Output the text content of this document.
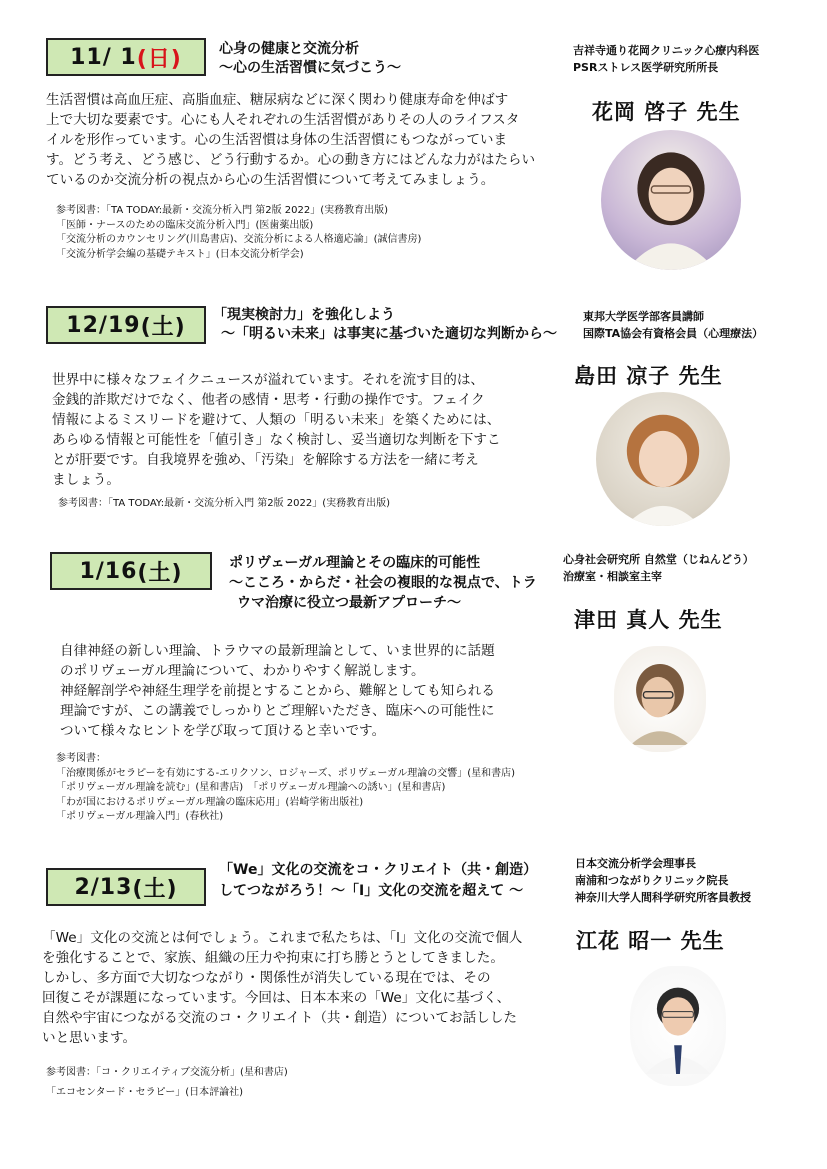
11/ 1 (日)	心身の健康と交流分析
～心の生活習慣に気づこう～
吉祥寺通り花岡クリニック心療内科医
PSRストレス医学研究所所長
花岡 啓子 先生
生活習慣は高血圧症、高脂血症、糖尿病などに深く関わり健康寿命を伸ばす
上で大切な要素です。心にも人それぞれの生活習慣がありその人のライフスタ
イルを形作っています。心の生活習慣は身体の生活習慣にもつながっていま
す。どう考え、どう感じ、どう行動するか。心の動き方にはどんな力がはたらい
ているのか交流分析の視点から心の生活習慣について考えてみましょう。
参考図書：「TA TODAY:最新・交流分析入門 第2版 2022」(実務教育出版)
「医師・ナースのための臨床交流分析入門」(医歯薬出版)
「交流分析のカウンセリング(川島書店)、交流分析による人格適応論」(誠信書房)
「交流分析学会編の基礎テキスト」(日本交流分析学会)
12/19 (土) 「現実検討力」を強化しよう
～「明るい未来」は事実に基づいた適切な判断から～
東邦大学医学部客員講師
国際TA協会有資格会員（心理療法）
島田 凉子 先生
世界中に様々なフェイクニュースが溢れています。それを流す目的は、
金銭的詐欺だけでなく、他者の感情・思考・行動の操作です。フェイク
情報によるミスリードを避けて、人類の「明るい未来」を築くためには、
あらゆる情報と可能性を「値引き」なく検討し、妥当適切な判断を下すこ
とが肝要です。自我境界を強め、「汚染」を解除する方法を一緒に考え
ましょう。
参考図書：「TA TODAY:最新・交流分析入門 第2版 2022」(実務教育出版)
1/16 (土)	ポリヴェーガル理論とその臨床的可能性
～こころ・からだ・社会の複眼的な視点で、トラ
ウマ治療に役立つ最新アプローチ～
心身社会研究所 自然堂（じねんどう）
治療室・相談室主宰
津田 真人 先生
自律神経の新しい理論、トラウマの最新理論として、いま世界的に話題
のポリヴェーガル理論について、わかりやすく解説します。
神経解剖学や神経生理学を前提とすることから、難解としても知られる
理論ですが、この講義でしっかりとご理解いただき、臨床への可能性に
ついて様々なヒントを学び取って頂けると幸いです。
参考図書：
「治療関係がセラピーを有効にする‐エリクソン、ロジャーズ、ポリヴェーガル理論の交響」(星和書店)
「ポリヴェーガル理論を読む」(星和書店)　「ポリヴェーガル理論への誘い」(星和書店)
「わが国におけるポリヴェーガル理論の臨床応用」(岩崎学術出版社)
「ポリヴェーガル理論入門」(春秋社)
2/13 (土)
「We」文化の交流をコ・クリエイト（共・創造）
してつながろう！～「I」文化の交流を超えて ～
日本交流分析学会理事長
南浦和つながりクリニック院長
神奈川大学人間科学研究所客員教授
江花 昭一 先生
「We」文化の交流とは何でしょう。これまで私たちは、「I」文化の交流で個人
を強化することで、家族、組織の圧力や拘束に打ち勝とうとしてきました。
しかし、多方面で大切なつながり・関係性が消失している現在では、その
回復こそが課題になっています。今回は、日本本来の「We」文化に基づく、
自然や宇宙につながる交流のコ・クリエイト（共・創造）についてお話しした
いと思います。
参考図書：「コ・クリエイティブ交流分析」(星和書店)
「エコセンタード・セラピー」(日本評論社)
